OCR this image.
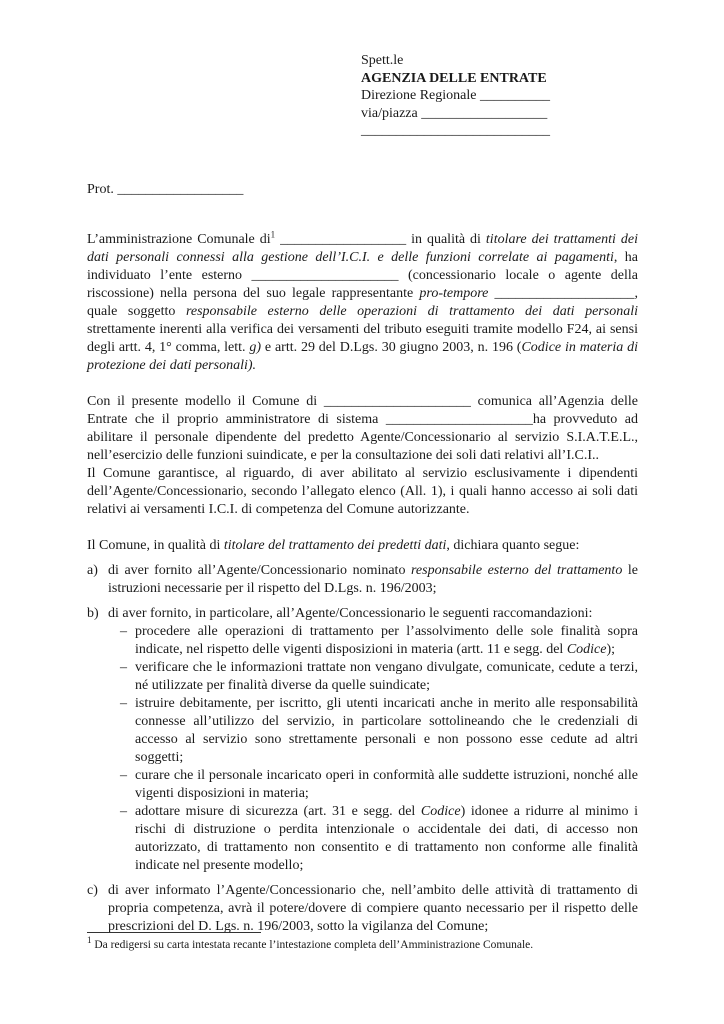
Spett.le
AGENZIA DELLE ENTRATE
Direzione Regionale __________
via/piazza __________________
___________________________
Prot. __________________

L’amministrazione Comunale $di^1$ __________________ in qualità di titolare dei trattamenti dei dati personali connessi alla gestione dell’I.C.I. e delle funzioni correlate ai pagamenti, ha individuato l’ente esterno _____________________ (concessionario locale o agente della riscossione) nella persona del suo legale rappresentante pro-tempore ____________________, quale soggetto responsabile esterno delle operazioni di trattamento dei dati personali strettamente inerenti alla verifica dei versamenti del tributo eseguiti tramite modello F24, ai sensi degli artt. 4, 1° comma, lett. g) e artt. 29 del D.Lgs. 30 giugno 2003, n. 196 (Codice in materia di protezione dei dati personali).

Con il presente modello il Comune di _____________________ comunica all’Agenzia delle Entrate che il proprio amministratore di sistema _____________________ha provveduto ad abilitare il personale dipendente del predetto Agente/Concessionario al servizio S.I.A.T.E.L., nell’esercizio delle funzioni suindicate, e per la consultazione dei soli dati relativi all’I.C.I..

Il Comune garantisce, al riguardo, di aver abilitato al servizio esclusivamente i dipendenti dell’Agente/Concessionario, secondo l’allegato elenco (All. 1), i quali hanno accesso ai soli dati relativi ai versamenti I.C.I. di competenza del Comune autorizzante.

Il Comune, in qualità di titolare del trattamento dei predetti dati, dichiara quanto segue:

a) di aver fornito all’Agente/Concessionario nominato responsabile esterno del trattamento le istruzioni necessarie per il rispetto del D.Lgs. n. 196/2003;
b) di aver fornito, in particolare, all’Agente/Concessionario le seguenti raccomandazioni:
– procedere alle operazioni di trattamento per l’assolvimento delle sole finalità sopra indicate, nel rispetto delle vigenti disposizioni in materia (artt. 11 e segg. del Codice);
– verificare che le informazioni trattate non vengano divulgate, comunicate, cedute a terzi, né utilizzate per finalità diverse da quelle suindicate;
– istruire debitamente, per iscritto, gli utenti incaricati anche in merito alle responsabilità connesse all’utilizzo del servizio, in particolare sottolineando che le credenziali di accesso al servizio sono strettamente personali e non possono esse cedute ad altri soggetti;
– curare che il personale incaricato operi in conformità alle suddette istruzioni, nonché alle vigenti disposizioni in materia;
– adottare misure di sicurezza (art. 31 e segg. del Codice) idonee a ridurre al minimo i rischi di distruzione o perdita intenzionale o accidentale dei dati, di accesso non autorizzato, di trattamento non consentito e di trattamento non conforme alle finalità indicate nel presente modello;
c) di aver informato l’Agente/Concessionario che, nell’ambito delle attività di trattamento di propria competenza, avrà il potere/dovere di compiere quanto necessario per il rispetto delle prescrizioni del D. Lgs. n. 196/2003, sotto la vigilanza del Comune;
$^1$ Da redigersi su carta intestata recante l’intestazione completa dell’Amministrazione Comunale.
